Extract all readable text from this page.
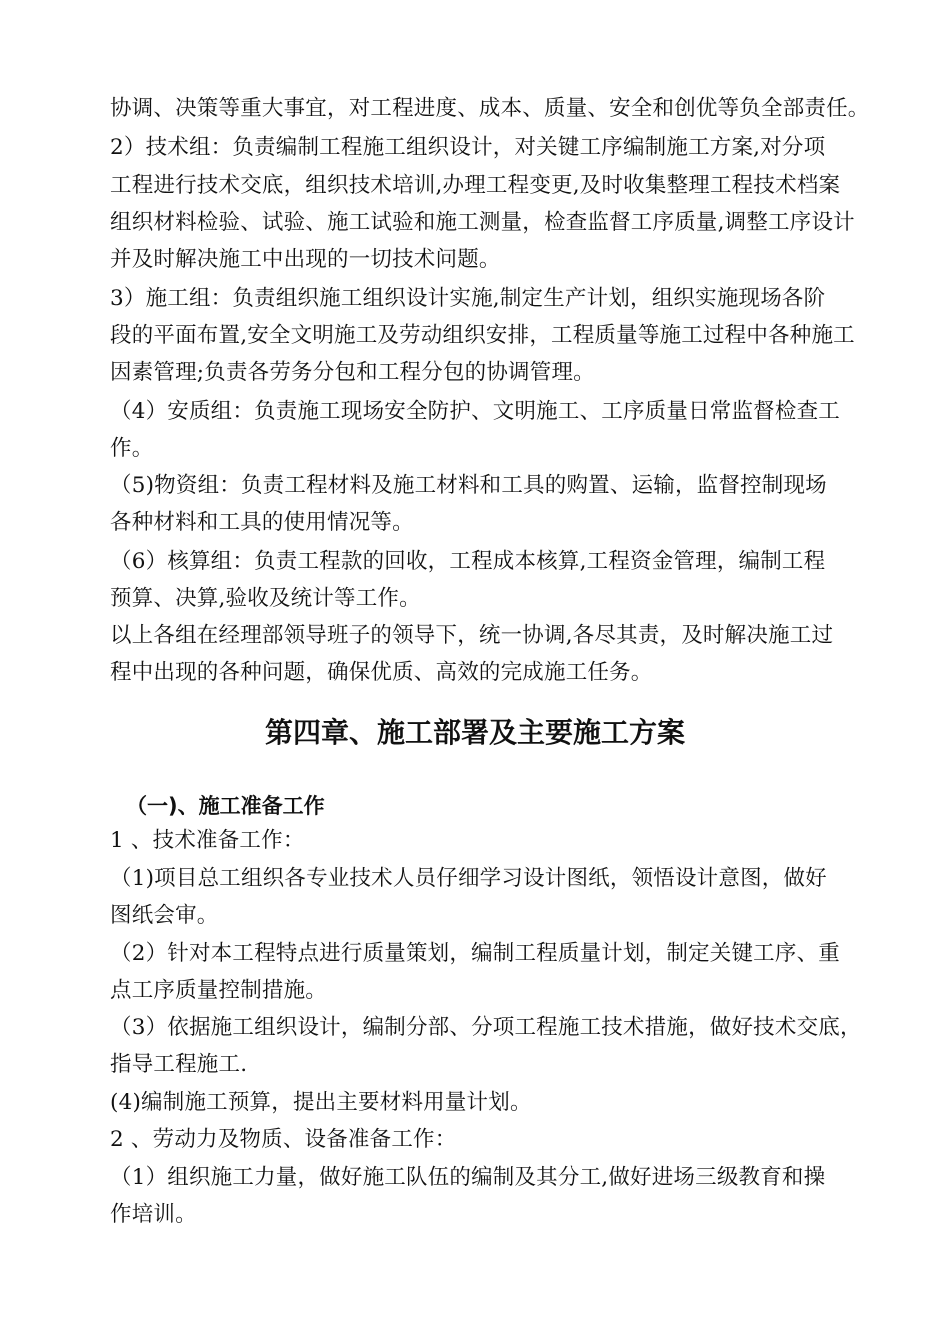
协调、决策等重大事宜，对工程进度、成本、质量、安全和创优等负全部责任。
2）技术组：负责编制工程施工组织设计，对关键工序编制施工方案,对分项
工程进行技术交底，组织技术培训,办理工程变更,及时收集整理工程技术档案
组织材料检验、试验、施工试验和施工测量，检查监督工序质量,调整工序设计
并及时解决施工中出现的一切技术问题。
3）施工组：负责组织施工组织设计实施,制定生产计划，组织实施现场各阶
段的平面布置,安全文明施工及劳动组织安排，工程质量等施工过程中各种施工
因素管理;负责各劳务分包和工程分包的协调管理。
（4）安质组：负责施工现场安全防护、文明施工、工序质量日常监督检查工
作。
（5)物资组：负责工程材料及施工材料和工具的购置、运输，监督控制现场
各种材料和工具的使用情况等。
（6）核算组：负责工程款的回收，工程成本核算,工程资金管理，编制工程
预算、决算,验收及统计等工作。
以上各组在经理部领导班子的领导下，统一协调,各尽其责，及时解决施工过
程中出现的各种问题，确保优质、高效的完成施工任务。
第四章、施工部署及主要施工方案
（一)、施工准备工作
1 、技术准备工作：
（1)项目总工组织各专业技术人员仔细学习设计图纸，领悟设计意图，做好
图纸会审。
（2）针对本工程特点进行质量策划，编制工程质量计划，制定关键工序、重
点工序质量控制措施。
（3）依据施工组织设计，编制分部、分项工程施工技术措施，做好技术交底，
指导工程施工.
(4)编制施工预算，提出主要材料用量计划。
2 、劳动力及物质、设备准备工作：
（1）组织施工力量，做好施工队伍的编制及其分工,做好进场三级教育和操
作培训。
